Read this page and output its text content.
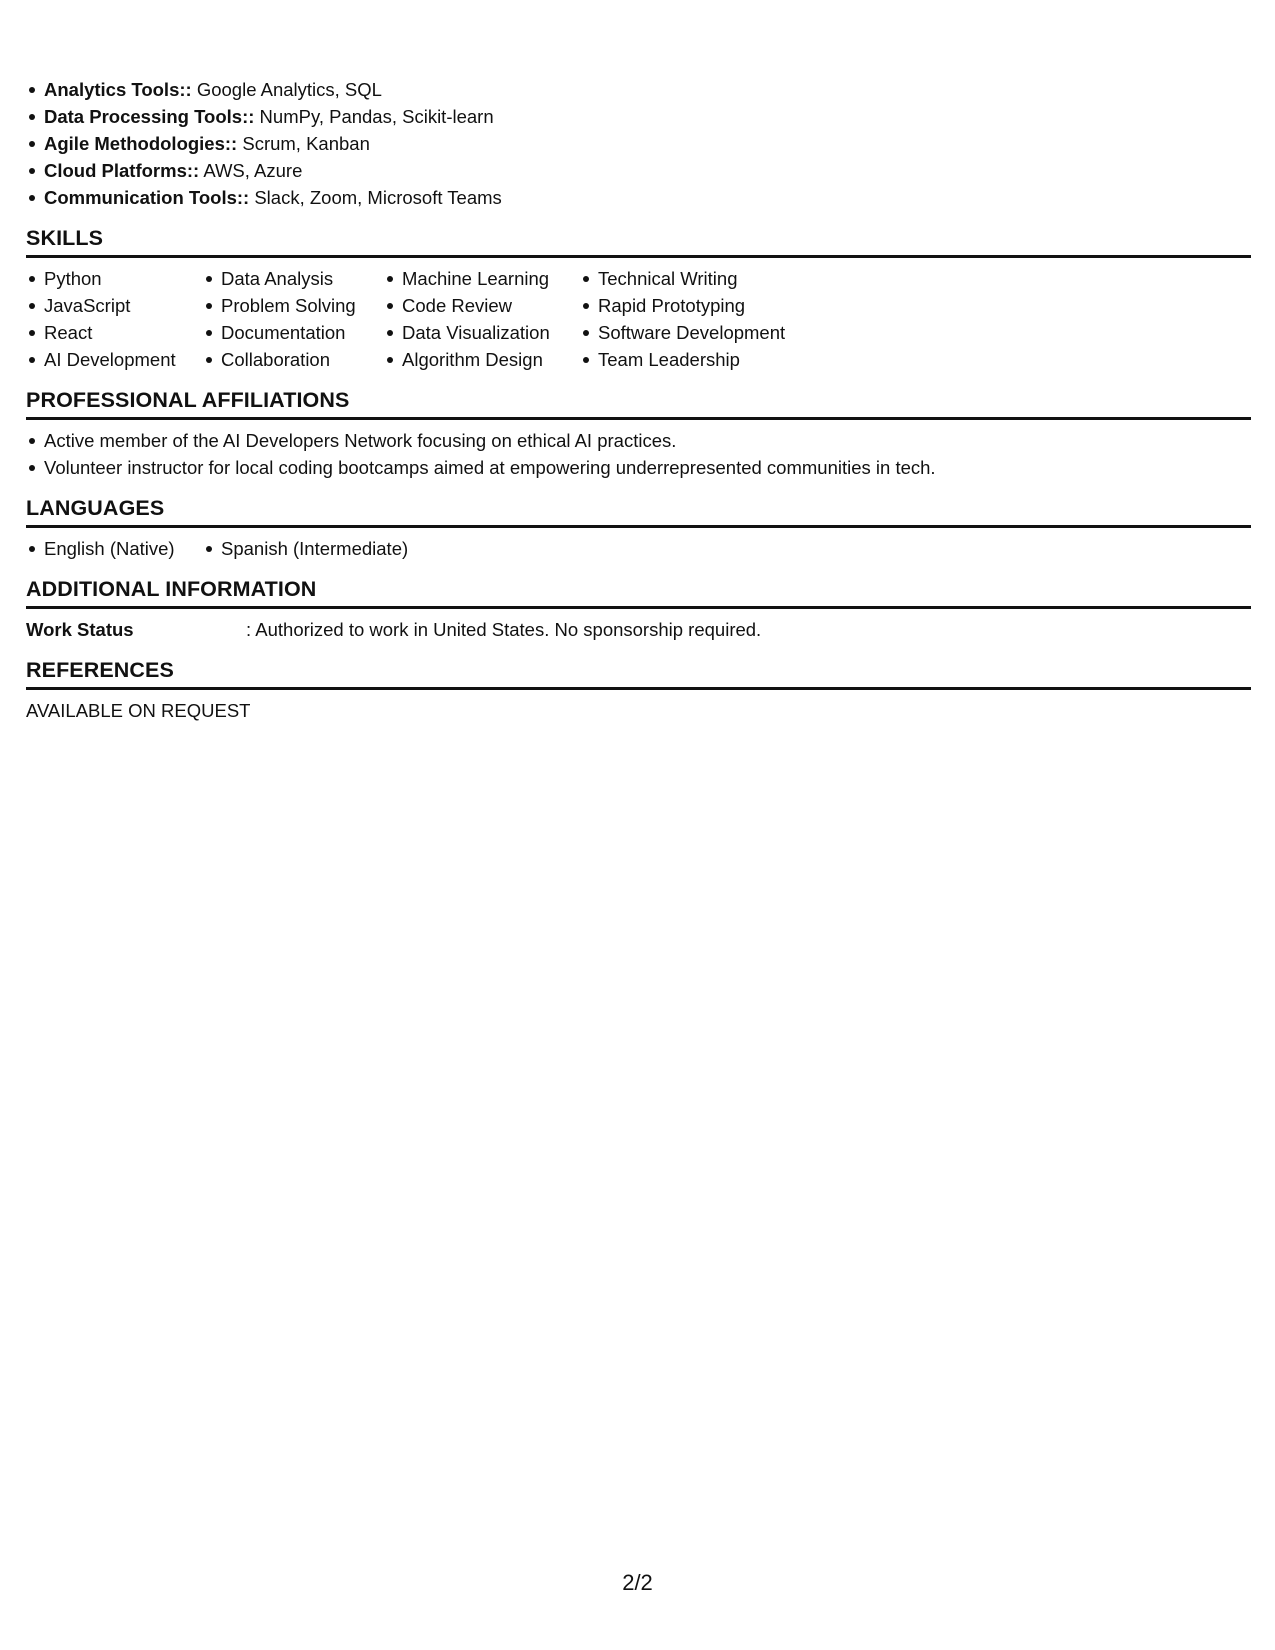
Analytics Tools:: Google Analytics, SQL
Data Processing Tools:: NumPy, Pandas, Scikit-learn
Agile Methodologies:: Scrum, Kanban
Cloud Platforms:: AWS, Azure
Communication Tools:: Slack, Zoom, Microsoft Teams
SKILLS
Python
JavaScript
React
AI Development
Data Analysis
Problem Solving
Documentation
Collaboration
Machine Learning
Code Review
Data Visualization
Algorithm Design
Technical Writing
Rapid Prototyping
Software Development
Team Leadership
PROFESSIONAL AFFILIATIONS
Active member of the AI Developers Network focusing on ethical AI practices.
Volunteer instructor for local coding bootcamps aimed at empowering underrepresented communities in tech.
LANGUAGES
English (Native)	Spanish (Intermediate)
ADDITIONAL INFORMATION
Work Status	: Authorized to work in United States. No sponsorship required.
REFERENCES
AVAILABLE ON REQUEST
2/2
